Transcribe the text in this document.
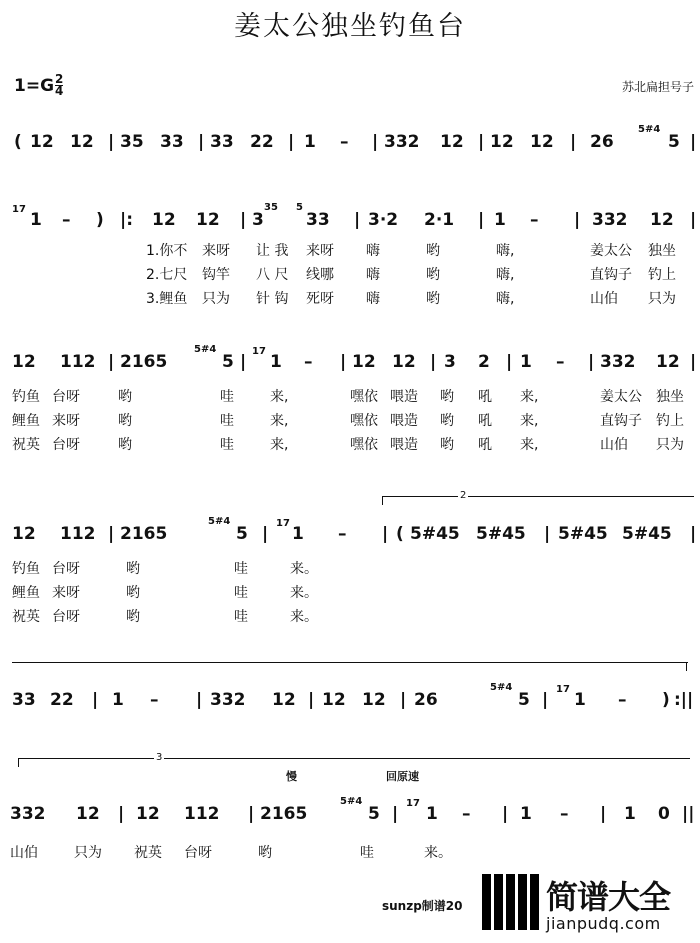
姜太公独坐钓鱼台
$1=G \frac{2}{4}$	苏北扁担号子
( 12 12 | 35 33 | 33 22 | 1 – | 332 12 | 12 12 | 26
5#4
5 |
17
1 – ) |: 12 12 | 3
35 5
33 | 3·2 2·1 | 1 – | 332 12 |
1.你不 来呀 让 我 来呀 嗨	哟	嗨,	姜太公 独坐
2.七尺 钩竿 八 尺 线哪 嗨	哟	嗨,	直钩子 钓上
3.鲤鱼 只为 针 钩 死呀 嗨	哟	嗨,	山伯 只为
12 112 | 2165
5#4
5 |
17
1 – | 12 12 | 3 2 | 1 – | 332 12 |
钓鱼 台呀	哟	哇	来,	嘿依 喂造 哟 吼 来,	姜太公 独坐
鲤鱼 来呀	哟	哇	来,	嘿依 喂造 哟 吼 来,	直钩子 钓上
祝英 台呀	哟	哇	来,	嘿依 喂造 哟 吼 来,	山伯 只为
2
12 112 | 2165
5#4
5 |
17
1 – | ( 5#45 5#45 | 5#45 5#45 |
钓鱼 台呀	哟	哇	来。
鲤鱼 来呀	哟	哇	来。
祝英 台呀	哟	哇	来。
33 22 | 1 – | 332 12 | 12 12 | 26
5#4
5 |
17
1 – ) :||
3
慢	回原速
332 12 | 12 112 | 2165
5#4
5 |
17
1 – | 1 – | 1 0 ||
山伯	只为 祝英 台呀	哟	哇	来。
sunzp制谱20	简谱大全
jianpudq.com
